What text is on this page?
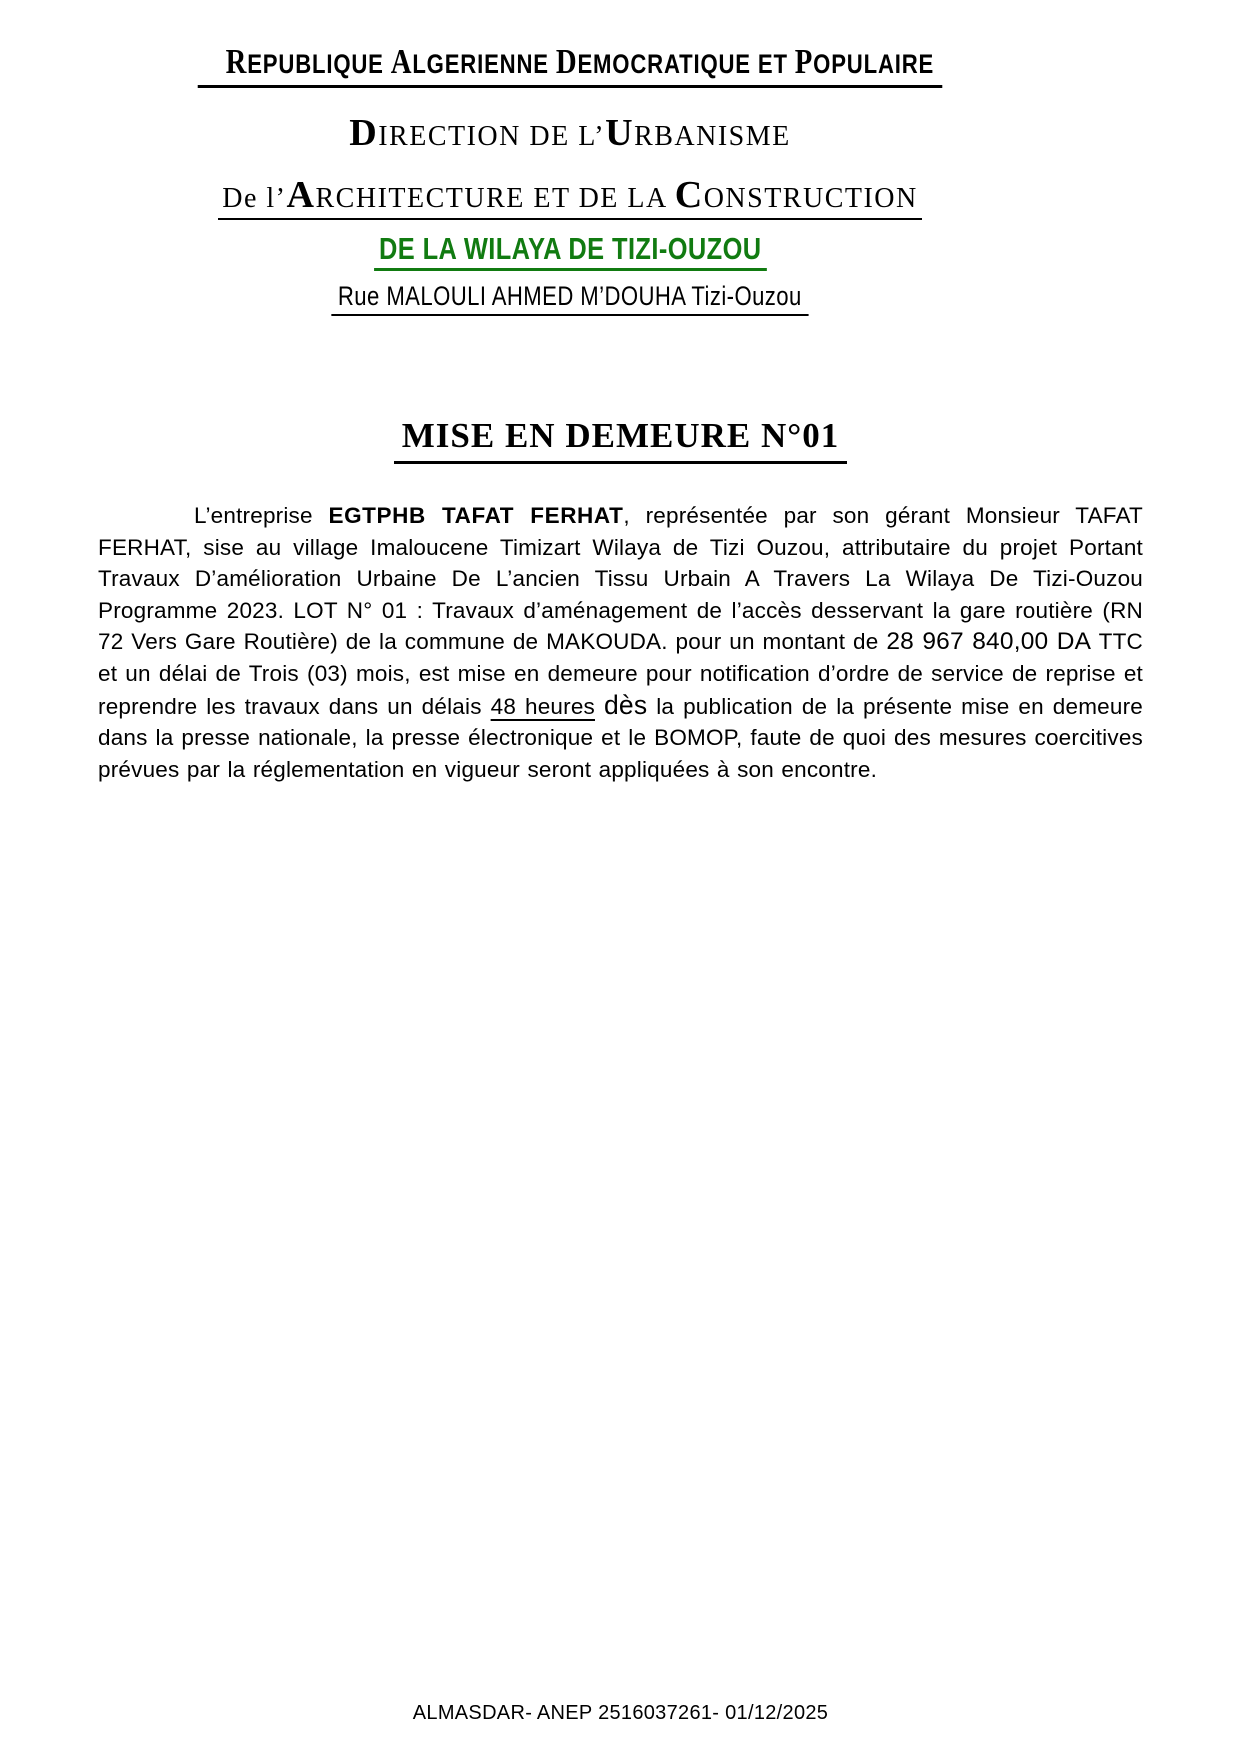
REPUBLIQUE ALGERIENNE DEMOCRATIQUE ET POPULAIRE
DIRECTION DE L’URBANISME
De l’ARCHITECTURE ET DE LA CONSTRUCTION
DE LA WILAYA DE TIZI-OUZOU
Rue MALOULI AHMED M’DOUHA Tizi-Ouzou
MISE EN DEMEURE N°01

L’entreprise EGTPHB TAFAT FERHAT, représentée par son gérant Monsieur TAFAT FERHAT, sise au village Imaloucene Timizart Wilaya de Tizi Ouzou, attributaire du projet Portant Travaux D’amélioration Urbaine De L’ancien Tissu Urbain A Travers La Wilaya De Tizi-Ouzou Programme 2023. LOT N° 01 : Travaux d’aménagement de l’accès desservant la gare routière (RN 72 Vers Gare Routière) de la commune de MAKOUDA. pour un montant de 28 967 840,00 DA TTC et un délai de Trois (03) mois, est mise en demeure pour notification d’ordre de service de reprise et reprendre les travaux dans un délais 48 heures dès la publication de la présente mise en demeure dans la presse nationale, la presse électronique et le BOMOP, faute de quoi des mesures coercitives prévues par la réglementation en vigueur seront appliquées à son encontre.

ALMASDAR- ANEP 2516037261- 01/12/2025
